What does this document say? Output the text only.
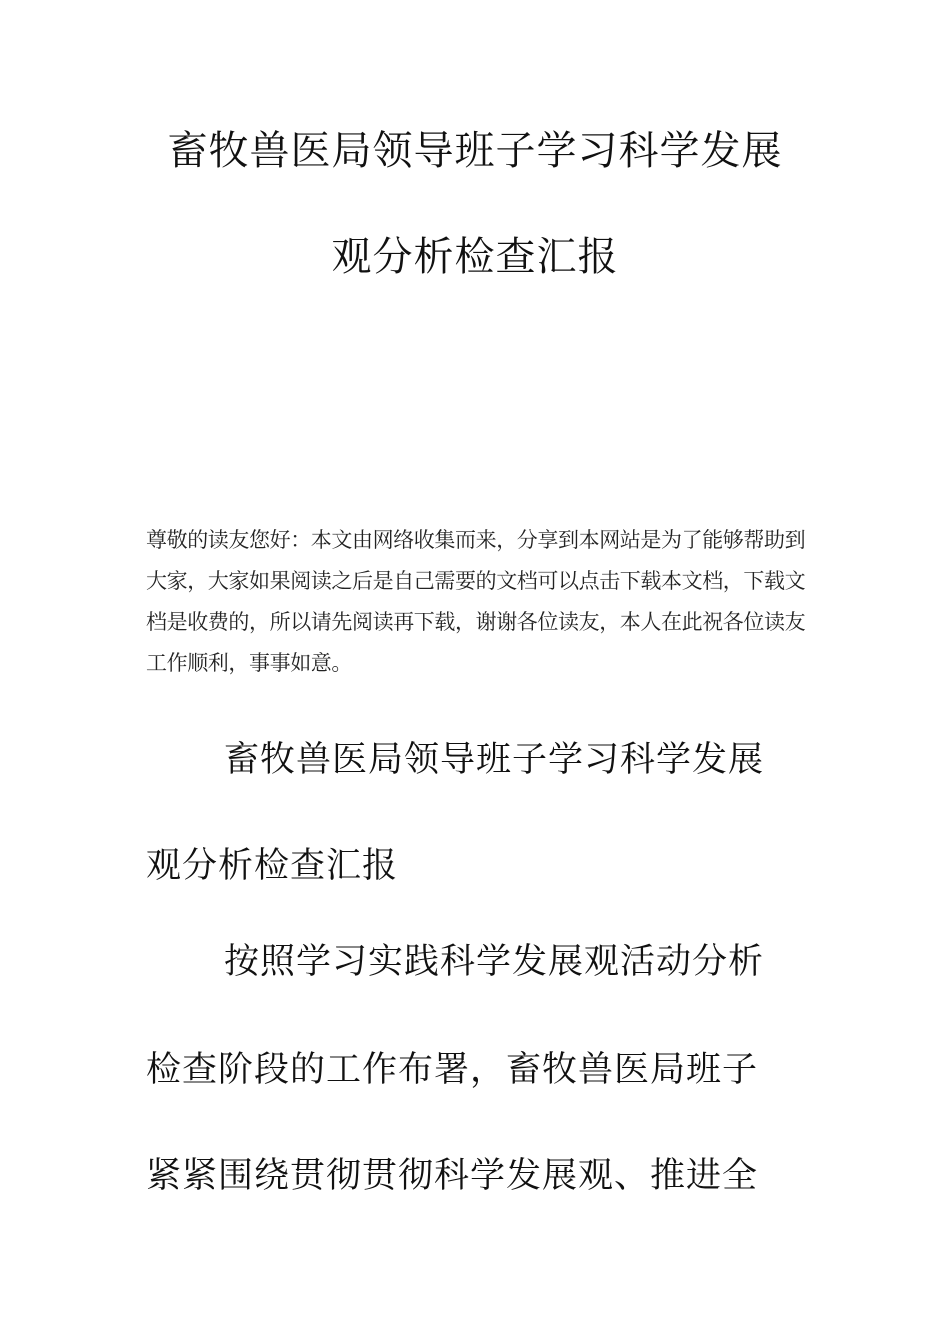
畜牧兽医局领导班子学习科学发展
观分析检查汇报

尊敬的读友您好：本文由网络收集而来，分享到本网站是为了能够帮助到大家，大家如果阅读之后是自己需要的文档可以点击下载本文档，下载文档是收费的，所以请先阅读再下载，谢谢各位读友，本人在此祝各位读友工作顺利，事事如意。

畜牧兽医局领导班子学习科学发展

观分析检查汇报

按照学习实践科学发展观活动分析

检查阶段的工作布署，畜牧兽医局班子

紧紧围绕贯彻贯彻科学发展观、推进全
